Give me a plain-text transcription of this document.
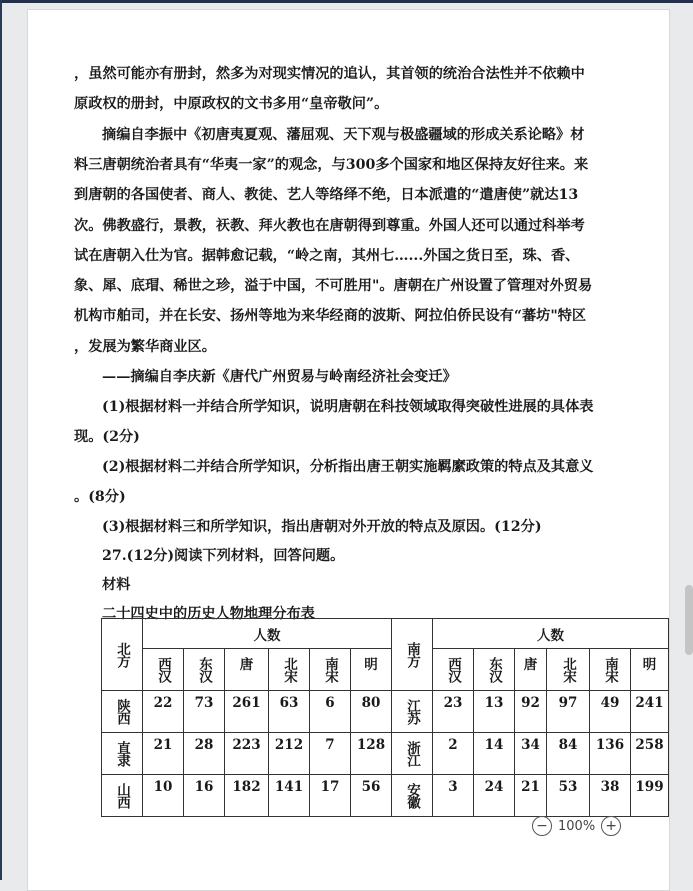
，虽然可能亦有册封，然多为对现实情况的追认，其首领的统治合法性并不依赖中
原政权的册封，中原政权的文书多用“皇帝敬问”。
摘编自李振中《初唐夷夏观、藩屈观、天下观与极盛疆域的形成关系论略》材
料三唐朝统治者具有“华夷一家”的观念，与300多个国家和地区保持友好往来。来
到唐朝的各国使者、商人、教徒、艺人等络绎不绝，日本派遣的“遣唐使”就达13
次。佛教盛行，景教，祆教、拜火教也在唐朝得到尊重。外国人还可以通过科举考
试在唐朝入仕为官。据韩愈记载，“岭之南，其州七…...外国之货日至，珠、香、
象、犀、底瑁、稀世之珍，溢于中国，不可胜用"。唐朝在广州设置了管理对外贸易
机构市舶司，并在长安、扬州等地为来华经商的波斯、阿拉伯侨民设有“蕃坊"特区
，发展为繁华商业区。
——摘编自李庆新《唐代广州贸易与岭南经济社会变迁》
(1)根据材料一并结合所学知识，说明唐朝在科技领域取得突破性进展的具体表
现。(2分)
(2)根据材料二并结合所学知识，分析指出唐王朝实施羁縻政策的特点及其意义
。(8分)
(3)根据材料三和所学知识，指出唐朝对外开放的特点及原因。(12分)
27.(12分)阅读下列材料，回答问题。
材料
二十四史中的历史人物地理分布表
北方	人数						南方	人数					

	西汉	东汉	唐	北宋	南宋	明		西汉	东汉	唐	北宋	南宋	明

陕西	22	73	261	63	6	80	江苏	23	13	92	97	49	241

直隶	21	28	223	212	7	128	浙江	2	14	34	84	136	258

山西	10	16	182	141	17	56	安徽	3	24	21	53	38	199
− 100% +
